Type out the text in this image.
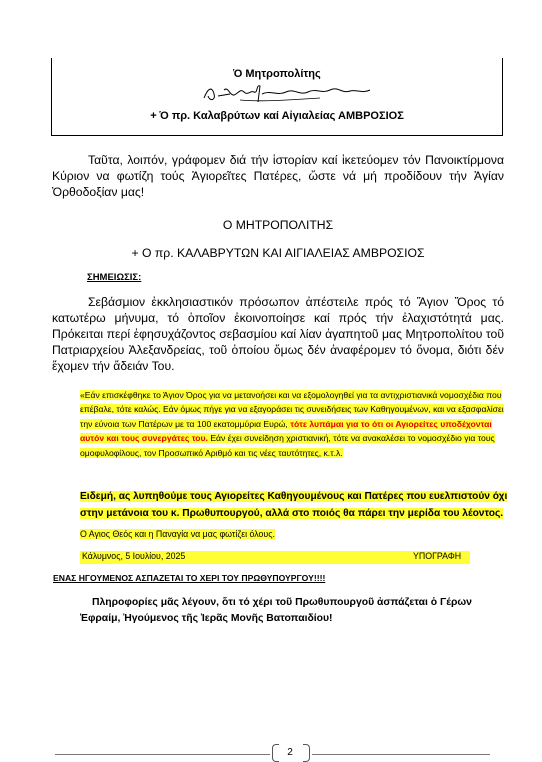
Ὁ Μητροπολίτης
+ Ὁ πρ. Καλαβρύτων καί Αἰγιαλείας ΑΜΒΡΟΣΙΟΣ

Ταῦτα, λοιπόν, γράφομεν διά τήν ἱστορίαν καί ἱκετεύομεν τόν Πανοικτίρμονα Κύριον να φωτίζη τούς Ἁγιορεῖτες Πατέρες, ὥστε νά μή προδίδουν τήν Ἁγίαν Ὀρθοδοξίαν μας!

Ο ΜΗΤΡΟΠΟΛΙΤΗΣ
+ Ο πρ. ΚΑΛΑΒΡΥΤΩΝ ΚΑΙ ΑΙΓΙΑΛΕΙΑΣ ΑΜΒΡΟΣΙΟΣ
ΣΗΜΕΙΩΣΙΣ:

Σεβάσμιον ἐκκλησιαστικόν πρόσωπον ἀπέστειλε πρός τό Ἅγιον Ὄρος τό κατωτέρω μήνυμα, τό ὁποῖον ἐκοινοποίησε καί πρός τήν ἐλαχιστότητά μας. Πρόκειται περί ἐφησυχάζοντος σεβασμίου καί λίαν ἀγαπητοῦ μας Μητροπολίτου τοῦ Πατριαρχείου Ἀλεξανδρείας, τοῦ ὁποίου ὅμως δέν ἀναφέρομεν τό ὄνομα, διότι δέν ἔχομεν τήν ἄδειάν Του.

«Εάν επισκέφθηκε το Άγιον Όρος για να μετανοήσει και να εξομολογηθεί για τα αντιχριστιανικά νομοσχέδια που επέβαλε, τότε καλώς. Εάν όμως πήγε για να εξαγοράσει τις συνειδήσεις των Καθηγουμένων, και να εξασφαλίσει την εύνοια των Πατέρων με τα 100 εκατομμύρια Ευρώ, τότε λυπάμαι για το ότι οι Αγιορείτες υποδέχονται αυτόν και τους συνεργάτες του. Εάν έχει συνείδηση χριστιανική, τότε να ανακαλέσει το νομοσχέδιο για τους ομοφυλοφίλους, τον Προσωπικό Αριθμό και τις νέες ταυτότητες, κ.τ.λ.

Ειδεμή, ας λυπηθούμε τους Αγιορείτες Καθηγουμένους και Πατέρες που ευελπιστούν όχι στην μετάνοια του κ. Πρωθυπουργού, αλλά στο ποιός θα πάρει την μερίδα του λέοντος.

Ο Αγιος Θεός και η Παναγία να μας φωτίζει όλους.
Κάλυμνος, 5 Ιουλίου, 2025	ΥΠΟΓΡΑΦΗ
ΕΝΑΣ ΗΓΟΥΜΕΝΟΣ ΑΣΠΑΖΕΤΑΙ ΤΟ ΧΕΡΙ ΤΟΥ ΠΡΩΘΥΠΟΥΡΓΟΥ!!!!

Πληροφορίες μᾶς λέγουν, ὅτι τό χέρι τοῦ Πρωθυπουργοῦ ἀσπάζεται ὁ Γέρων Ἐφραίμ, Ἡγούμενος τῆς Ἱερᾶς Μονῆς Βατοπαιδίου!

2
